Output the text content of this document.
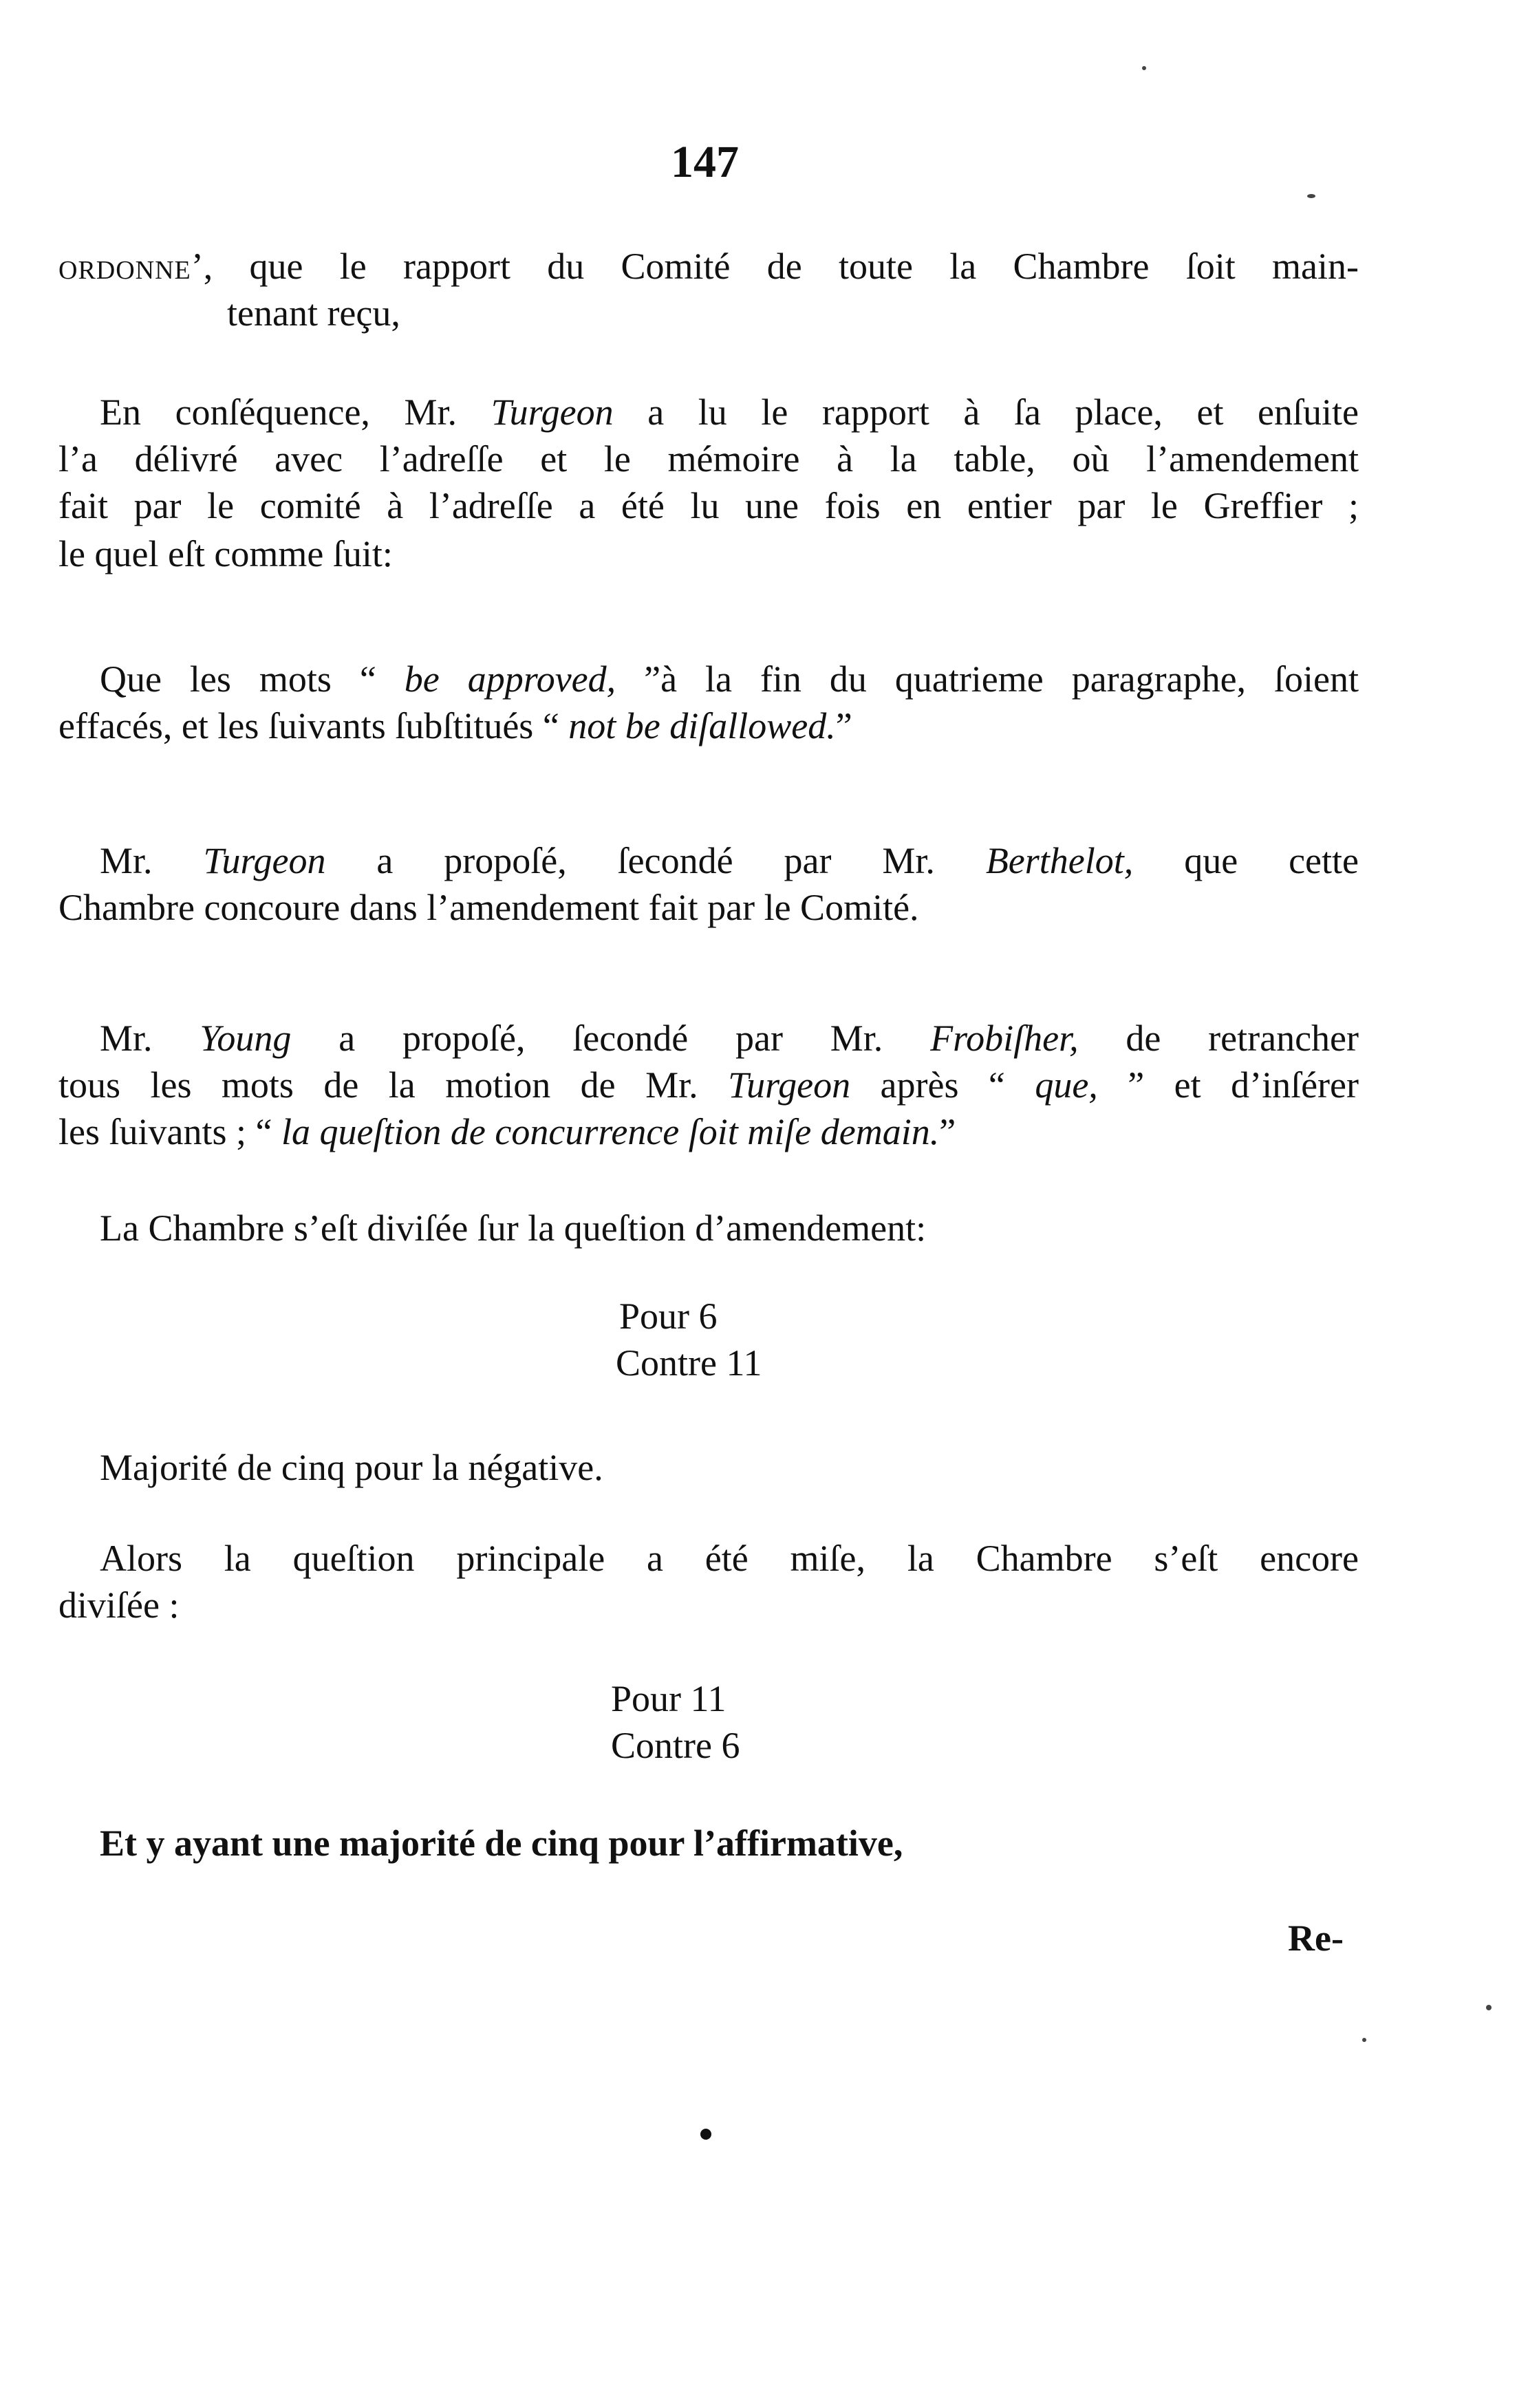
147
ORDONNE’, que le rapport du Comité de toute la Chambre ſoit main-
tenant reçu,
En conſéquence, Mr. Turgeon a lu le rapport à ſa place, et enſuite
l’a délivré avec l’adreſſe et le mémoire à la table, où l’amendement
fait par le comité à l’adreſſe a été lu une fois en entier par le Greffier ;
le quel eſt comme ſuit:
Que les mots “ be approved, ”à la fin du quatrieme paragraphe, ſoient
effacés, et les ſuivants ſubſtitués “ not be diſallowed.”
Mr. Turgeon a propoſé, ſecondé par Mr. Berthelot, que cette
Chambre concoure dans l’amendement fait par le Comité.
Mr. Young a propoſé, ſecondé par Mr. Frobiſher, de retrancher
tous les mots de la motion de Mr. Turgeon après “ que, ” et d’inſérer
les ſuivants ; “ la queſtion de concurrence ſoit miſe demain.”
La Chambre s’eſt diviſée ſur la queſtion d’amendement:
Pour 6
Contre 11
Majorité de cinq pour la négative.
Alors la queſtion principale a été miſe, la Chambre s’eſt encore
diviſée :
Pour 11
Contre 6
Et y ayant une majorité de cinq pour l’affirmative,
Re-
